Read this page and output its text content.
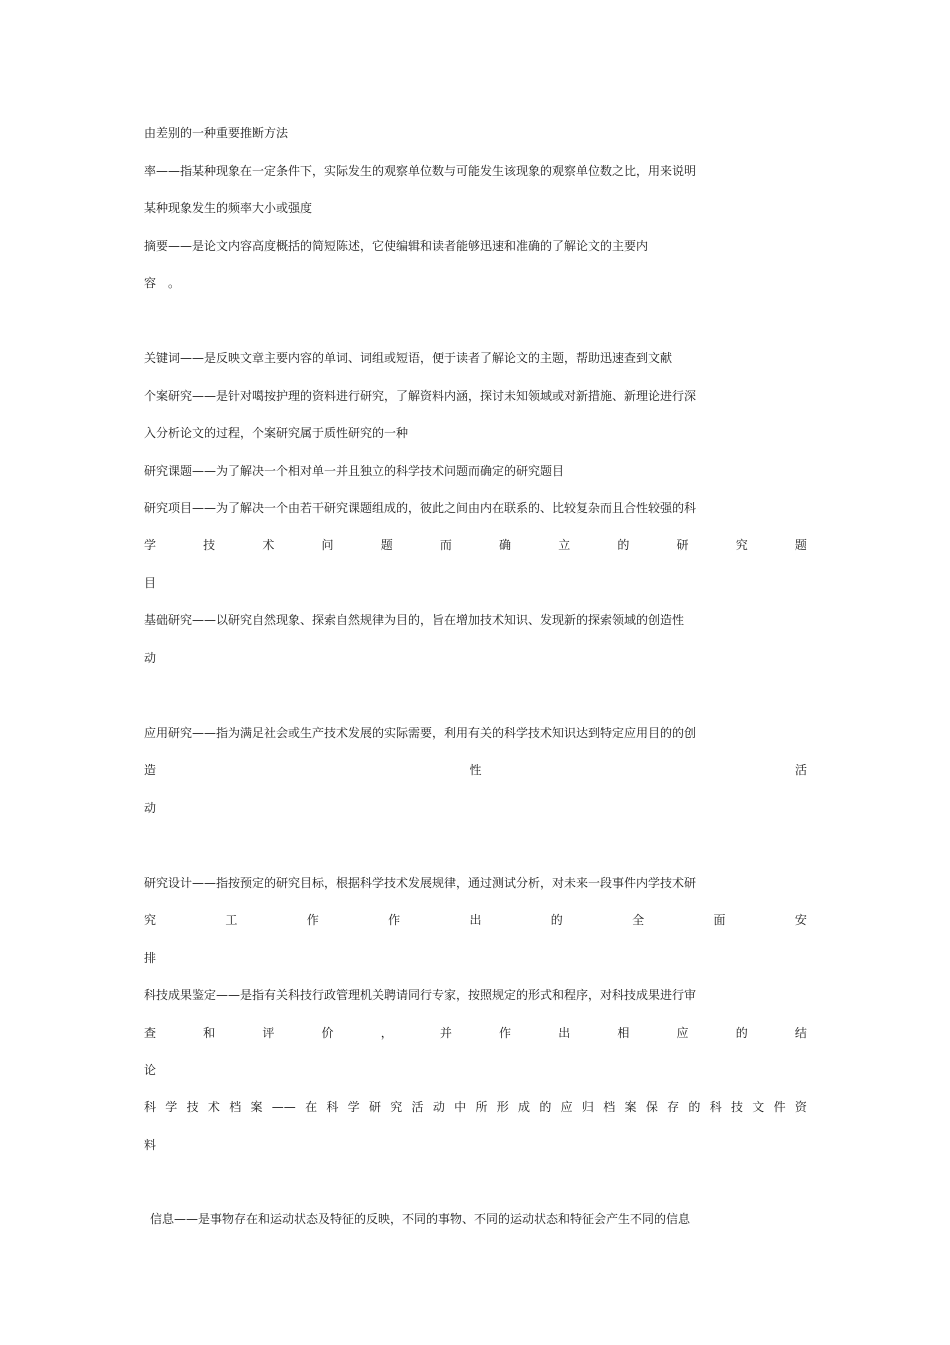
由差别的一种重要推断方法

率——指某种现象在一定条件下，实际发生的观察单位数与可能发生该现象的观察单位数之比，用来说明

某种现象发生的频率大小或强度

摘要——是论文内容高度概括的简短陈述，它使编辑和读者能够迅速和准确的了解论文的主要内

容　。

关键词——是反映文章主要内容的单词、词组或短语，便于读者了解论文的主题，帮助迅速查到文献

个案研究——是针对噶按护理的资料进行研究，了解资料内涵，探讨未知领域或对新措施、新理论进行深

入分析论文的过程，个案研究属于质性研究的一种

研究课题——为了解决一个相对单一并且独立的科学技术问题而确定的研究题目

研究项目——为了解决一个由若干研究课题组成的，彼此之间由内在联系的、比较复杂而且合性较强的科

学	技	术	问	题	而	确	立	的	研	究	题

目

基础研究——以研究自然现象、探索自然规律为目的，旨在增加技术知识、发现新的探索领域的创造性

动

应用研究——指为满足社会或生产技术发展的实际需要，利用有关的科学技术知识达到特定应用目的的创

造	性	活

动

研究设计——指按预定的研究目标，根据科学技术发展规律，通过测试分析，对未来一段事件内学技术研

究	工	作	作	出	的	全	面	安

排

科技成果鉴定——是指有关科技行政管理机关聘请同行专家，按照规定的形式和程序，对科技成果进行审

查	和	评	价	，	并	作	出	相	应	的	结

论

科 学 技 术 档 案 —— 在 科 学 研 究 活 动 中 所 形 成 的 应 归 档 案 保 存 的 科 技 文 件 资

料

信息——是事物存在和运动状态及特征的反映，不同的事物、不同的运动状态和特征会产生不同的信息
